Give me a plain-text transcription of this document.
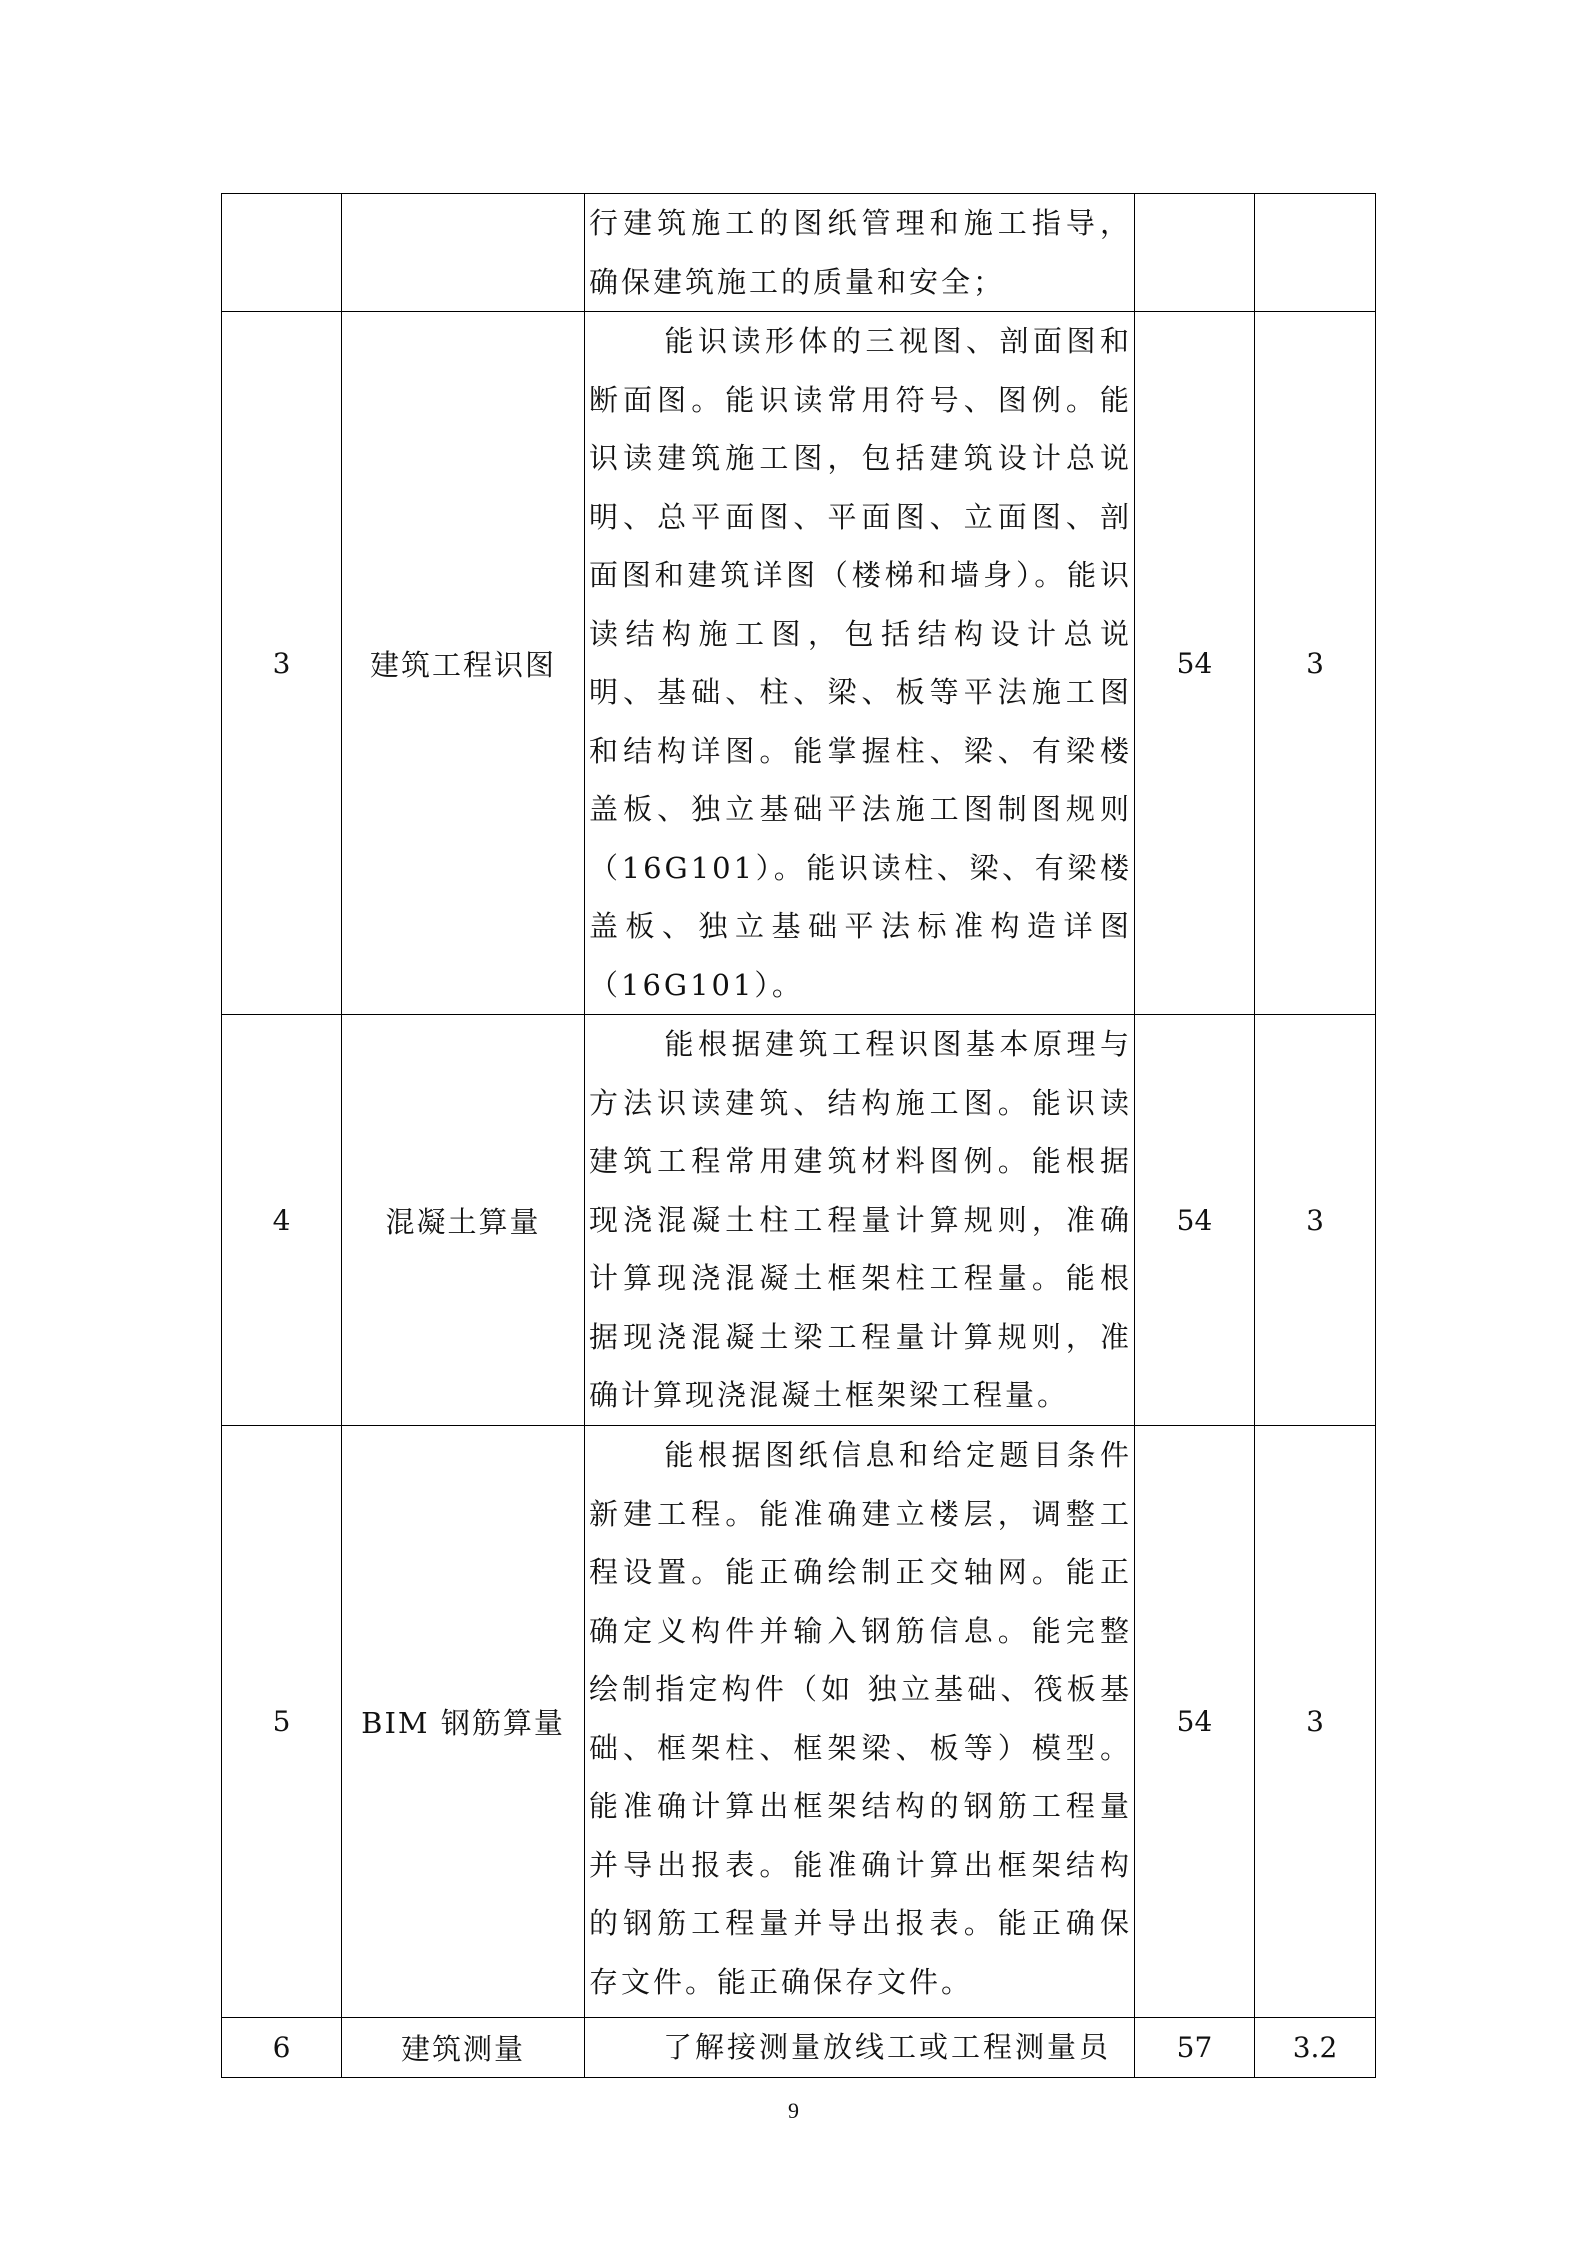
		行建筑施工的图纸管理和施工指导，确保建筑施工的质量和安全；		
3	建筑工程识图	能识读形体的三视图、剖面图和断面图。能识读常用符号、图例。能识读建筑施工图，包括建筑设计总说明、总平面图、平面图、立面图、剖面图和建筑详图（楼梯和墙身）。能识读结构施工图，包括结构设计总说明、基础、柱、梁、板等平法施工图和结构详图。能掌握柱、梁、有梁楼盖板、独立基础平法施工图制图规则（16G101）。能识读柱、梁、有梁楼盖板、独立基础平法标准构造详图（16G101）。	54	3
4	混凝土算量	能根据建筑工程识图基本原理与方法识读建筑、结构施工图。能识读建筑工程常用建筑材料图例。能根据现浇混凝土柱工程量计算规则，准确计算现浇混凝土框架柱工程量。能根据现浇混凝土梁工程量计算规则，准确计算现浇混凝土框架梁工程量。	54	3
5	BIM 钢筋算量	能根据图纸信息和给定题目条件新建工程。能准确建立楼层，调整工程设置。能正确绘制正交轴网。能正确定义构件并输入钢筋信息。能完整绘制指定构件（如 独立基础、筏板基础、框架柱、框架梁、板等）模型。能准确计算出框架结构的钢筋工程量并导出报表。能准确计算出框架结构的钢筋工程量并导出报表。能正确保存文件。能正确保存文件。	54	3
6	建筑测量	了解接测量放线工或工程测量员	57	3.2
9
